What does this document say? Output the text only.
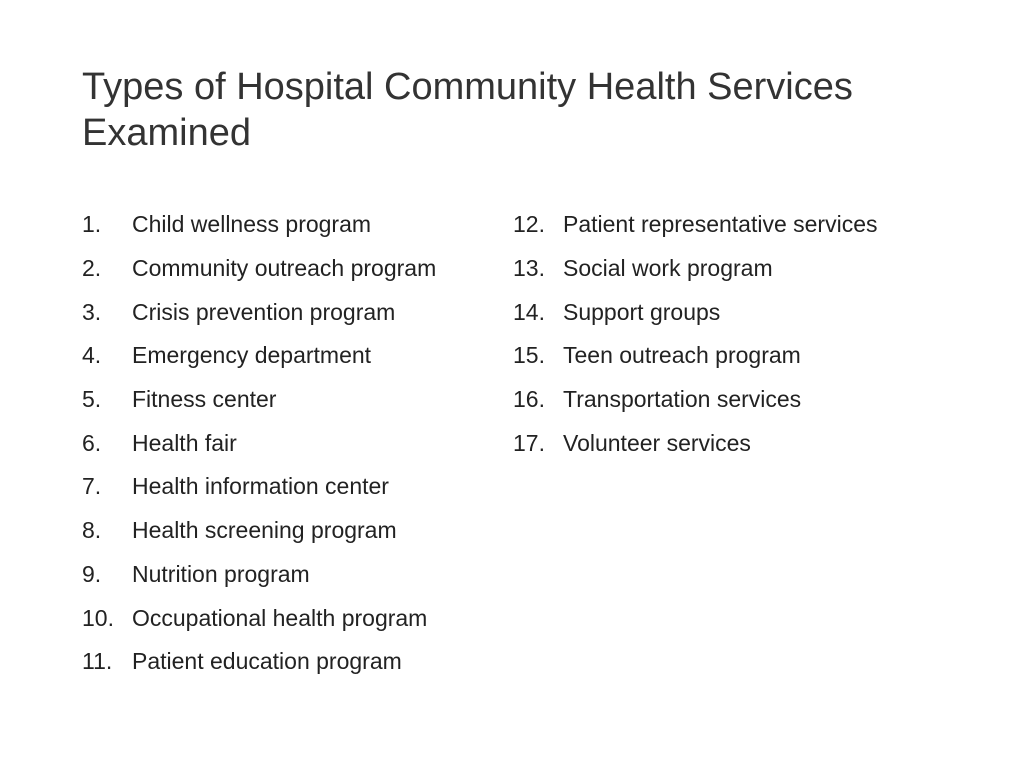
Types of Hospital Community Health Services Examined
1.	Child wellness program
2.	Community outreach program
3.	Crisis prevention program
4.	Emergency department
5.	Fitness center
6.	Health fair
7.	Health information center
8.	Health screening program
9.	Nutrition program
10. Occupational health program
11. Patient education program
12. Patient representative services
13. Social work program
14. Support groups
15. Teen outreach program
16. Transportation services
17. Volunteer services
